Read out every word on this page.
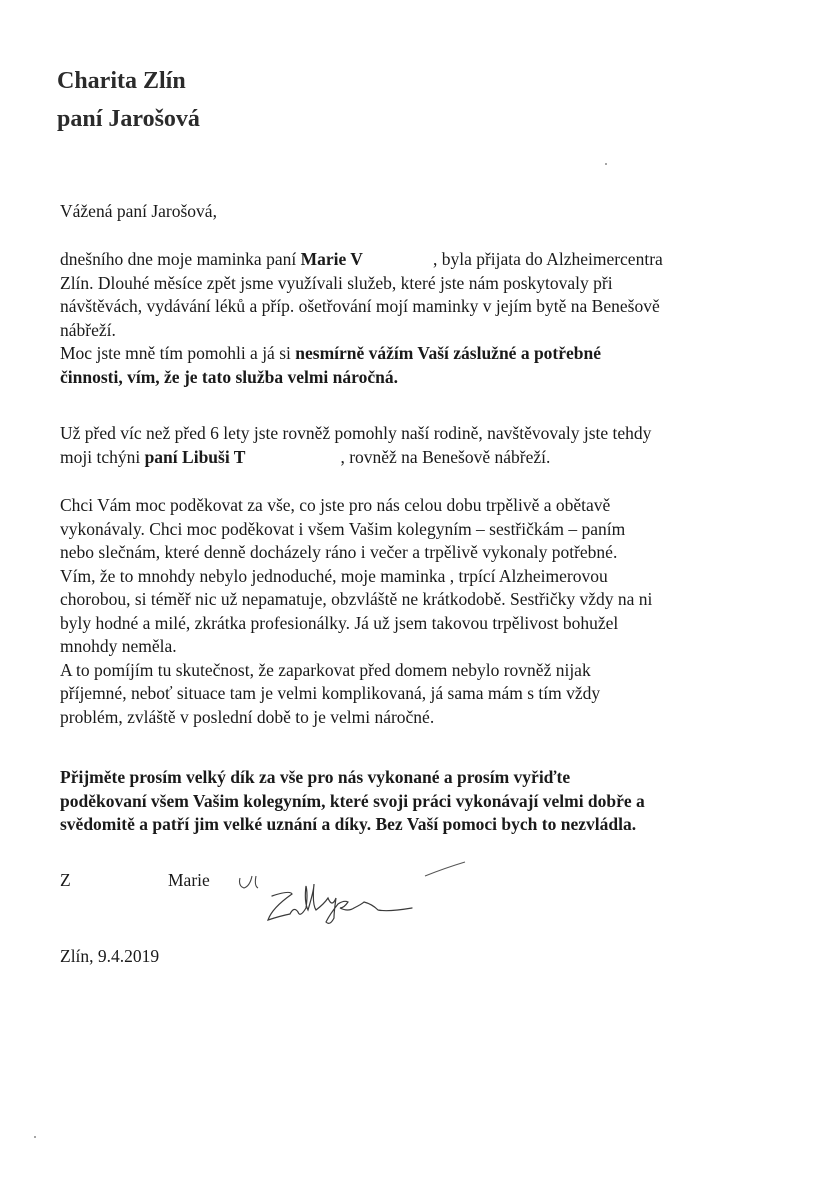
Charita Zlín
paní Jarošová
Vážená paní Jarošová,
dnešního dne moje maminka paní Marie V	, byla přijata do Alzheimercentra
Zlín. Dlouhé měsíce zpět jsme využívali služeb, které jste nám poskytovaly při
návštěvách, vydávání léků a příp. ošetřování mojí maminky v jejím bytě na Benešově
nábřeží.
Moc jste mně tím pomohli a já si nesmírně vážím Vaší záslužné a potřebné
činnosti, vím, že je tato služba velmi náročná.
Už před víc než před 6 lety jste rovněž pomohly naší rodině, navštěvovaly jste tehdy
moji tchýni paní Libuši T	, rovněž na Benešově nábřeží.
Chci Vám moc poděkovat za vše, co jste pro nás celou dobu trpělivě a obětavě
vykonávaly. Chci moc poděkovat i všem Vašim kolegyním – sestřičkám – paním
nebo slečnám, které denně docházely ráno i večer a trpělivě vykonaly potřebné.
Vím, že to mnohdy nebylo jednoduché, moje maminka , trpící Alzheimerovou
chorobou, si téměř nic už nepamatuje, obzvláště ne krátkodobě. Sestřičky vždy na ni
byly hodné a milé, zkrátka profesionálky. Já už jsem takovou trpělivost bohužel
mnohdy neměla.
A to pomíjím tu skutečnost, že zaparkovat před domem nebylo rovněž nijak
příjemné, neboť situace tam je velmi komplikovaná, já sama mám s tím vždy
problém, zvláště v poslední době to je velmi náročné.
Přijměte prosím velký dík za vše pro nás vykonané a prosím vyřiďte
poděkovaní všem Vašim kolegyním, které svoji práci vykonávají velmi dobře a
svědomitě a patří jim velké uznání a díky. Bez Vaší pomoci bych to nezvládla.
Z	Marie
Zlín, 9.4.2019
